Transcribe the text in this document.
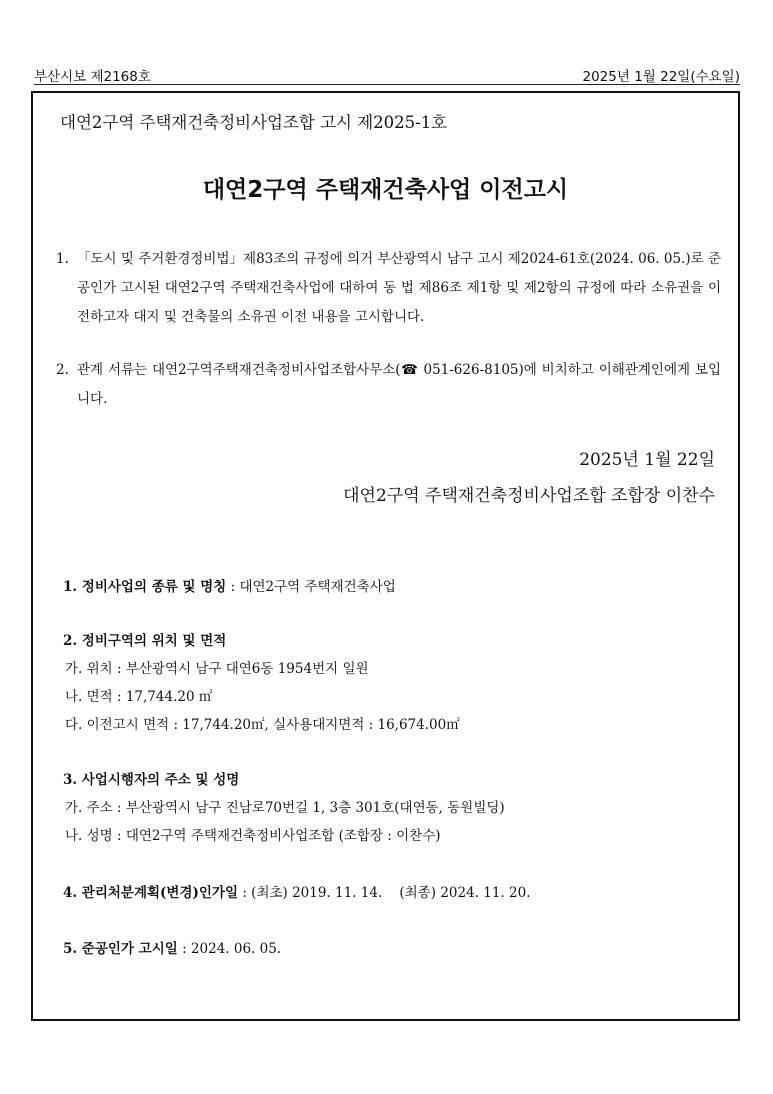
부산시보 제2168호	2025년 1월 22일(수요일)
대연2구역 주택재건축정비사업조합 고시 제2025-1호
대연2구역 주택재건축사업 이전고시
1. 「도시 및 주거환경정비법」제83조의 규정에 의거 부산광역시 남구 고시 제2024-61호(2024. 06. 05.)로 준공인가 고시된 대연2구역 주택재건축사업에 대하여 동 법 제86조 제1항 및 제2항의 규정에 따라 소유권을 이전하고자 대지 및 건축물의 소유권 이전 내용을 고시합니다.
2. 관계 서류는 대연2구역주택재건축정비사업조합사무소(☎ 051-626-8105)에 비치하고 이해관계인에게 보입니다.
2025년 1월 22일
대연2구역 주택재건축정비사업조합 조합장 이찬수
1. 정비사업의 종류 및 명칭 : 대연2구역 주택재건축사업
2. 정비구역의 위치 및 면적
가. 위치 : 부산광역시 남구 대연6동 1954번지 일원
나. 면적 : 17,744.20 ㎡
다. 이전고시 면적 : 17,744.20㎡, 실사용대지면적 : 16,674.00㎡
3. 사업시행자의 주소 및 성명
가. 주소 : 부산광역시 남구 진남로70번길 1, 3층 301호(대연동, 동원빌딩)
나. 성명 : 대연2구역 주택재건축정비사업조합 (조합장 : 이찬수)
4. 관리처분계획(변경)인가일 : (최초) 2019. 11. 14.    (최종) 2024. 11. 20.
5. 준공인가 고시일 : 2024. 06. 05.
